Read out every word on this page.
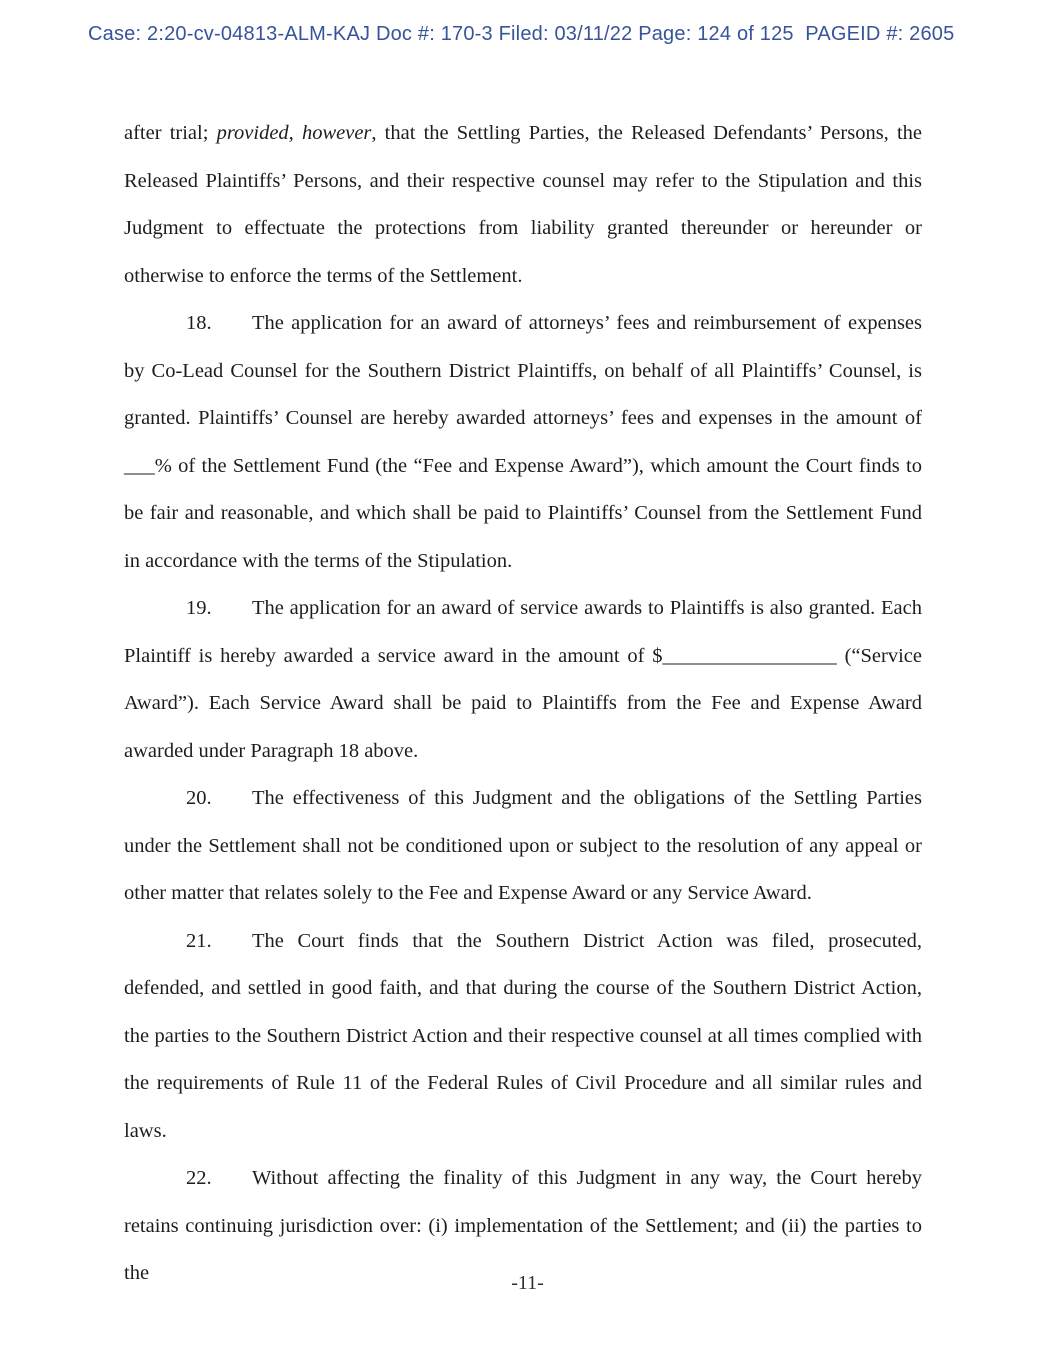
Case: 2:20-cv-04813-ALM-KAJ Doc #: 170-3 Filed: 03/11/22 Page: 124 of 125  PAGEID #: 2605

after trial; provided, however, that the Settling Parties, the Released Defendants’ Persons, the Released Plaintiffs’ Persons, and their respective counsel may refer to the Stipulation and this Judgment to effectuate the protections from liability granted thereunder or hereunder or otherwise to enforce the terms of the Settlement.

18. The application for an award of attorneys’ fees and reimbursement of expenses by Co-Lead Counsel for the Southern District Plaintiffs, on behalf of all Plaintiffs’ Counsel, is granted. Plaintiffs’ Counsel are hereby awarded attorneys’ fees and expenses in the amount of ___% of the Settlement Fund (the “Fee and Expense Award”), which amount the Court finds to be fair and reasonable, and which shall be paid to Plaintiffs’ Counsel from the Settlement Fund in accordance with the terms of the Stipulation.

19. The application for an award of service awards to Plaintiffs is also granted. Each Plaintiff is hereby awarded a service award in the amount of $_________________ (“Service Award”). Each Service Award shall be paid to Plaintiffs from the Fee and Expense Award awarded under Paragraph 18 above.

20. The effectiveness of this Judgment and the obligations of the Settling Parties under the Settlement shall not be conditioned upon or subject to the resolution of any appeal or other matter that relates solely to the Fee and Expense Award or any Service Award.

21. The Court finds that the Southern District Action was filed, prosecuted, defended, and settled in good faith, and that during the course of the Southern District Action, the parties to the Southern District Action and their respective counsel at all times complied with the requirements of Rule 11 of the Federal Rules of Civil Procedure and all similar rules and laws.

22. Without affecting the finality of this Judgment in any way, the Court hereby retains continuing jurisdiction over: (i) implementation of the Settlement; and (ii) the parties to the	-11-
